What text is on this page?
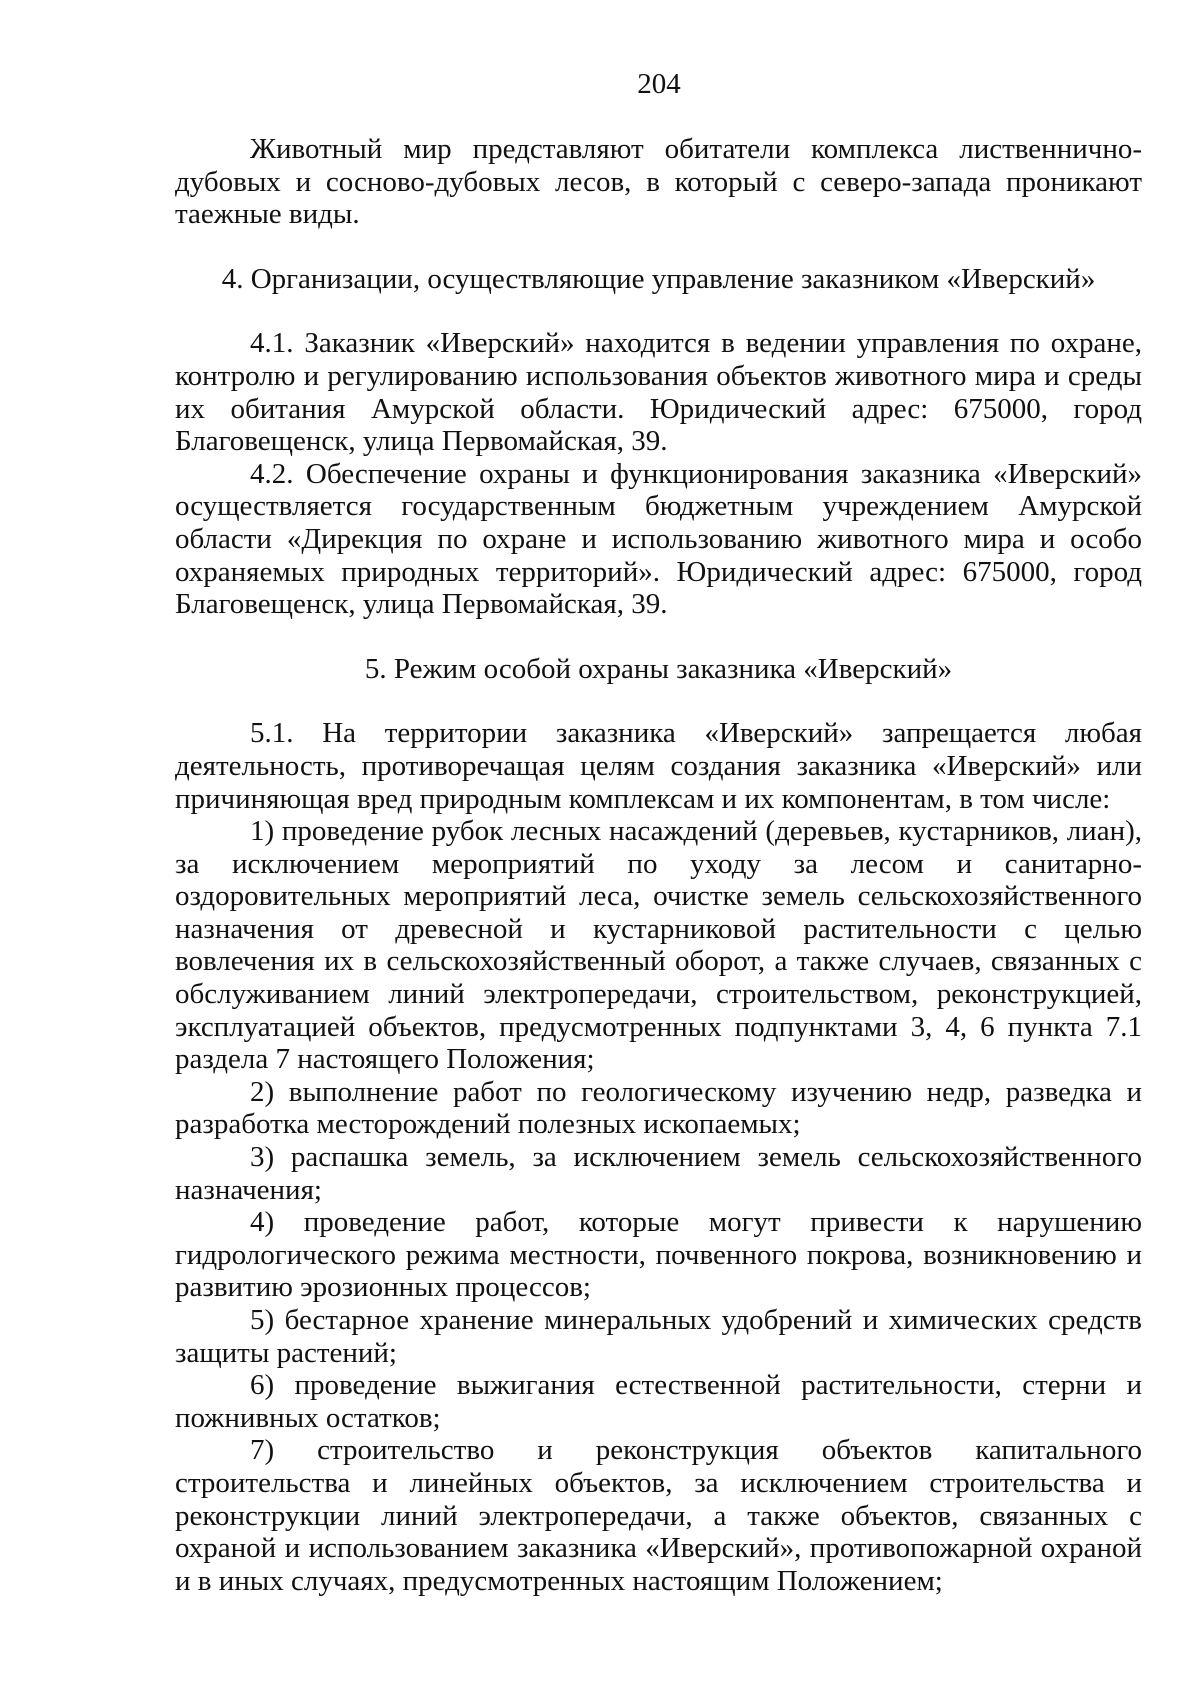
204

Животный мир представляют обитатели комплекса лиственнично-дубовых и сосново-дубовых лесов, в который с северо-запада проникают таежные виды.

4. Организации, осуществляющие управление заказником «Иверский»

4.1. Заказник «Иверский» находится в ведении управления по охране, контролю и регулированию использования объектов животного мира и среды их обитания Амурской области. Юридический адрес: 675000, город Благовещенск, улица Первомайская, 39.

4.2. Обеспечение охраны и функционирования заказника «Иверский» осуществляется государственным бюджетным учреждением Амурской области «Дирекция по охране и использованию животного мира и особо охраняемых природных территорий». Юридический адрес: 675000, город Благовещенск, улица Первомайская, 39.

5. Режим особой охраны заказника «Иверский»

5.1. На территории заказника «Иверский» запрещается любая деятельность, противоречащая целям создания заказника «Иверский» или причиняющая вред природным комплексам и их компонентам, в том числе:

1) проведение рубок лесных насаждений (деревьев, кустарников, лиан), за исключением мероприятий по уходу за лесом и санитарно-оздоровительных мероприятий леса, очистке земель сельскохозяйственного назначения от древесной и кустарниковой растительности с целью вовлечения их в сельскохозяйственный оборот, а также случаев, связанных с обслуживанием линий электропередачи, строительством, реконструкцией, эксплуатацией объектов, предусмотренных подпунктами 3, 4, 6 пункта 7.1 раздела 7 настоящего Положения;

2) выполнение работ по геологическому изучению недр, разведка и разработка месторождений полезных ископаемых;

3) распашка земель, за исключением земель сельскохозяйственного назначения;

4) проведение работ, которые могут привести к нарушению гидрологического режима местности, почвенного покрова, возникновению и развитию эрозионных процессов;

5) бестарное хранение минеральных удобрений и химических средств защиты растений;

6) проведение выжигания естественной растительности, стерни и пожнивных остатков;

7) строительство и реконструкция объектов капитального строительства и линейных объектов, за исключением строительства и реконструкции линий электропередачи, а также объектов, связанных с охраной и использованием заказника «Иверский», противопожарной охраной и в иных случаях, предусмотренных настоящим Положением;
